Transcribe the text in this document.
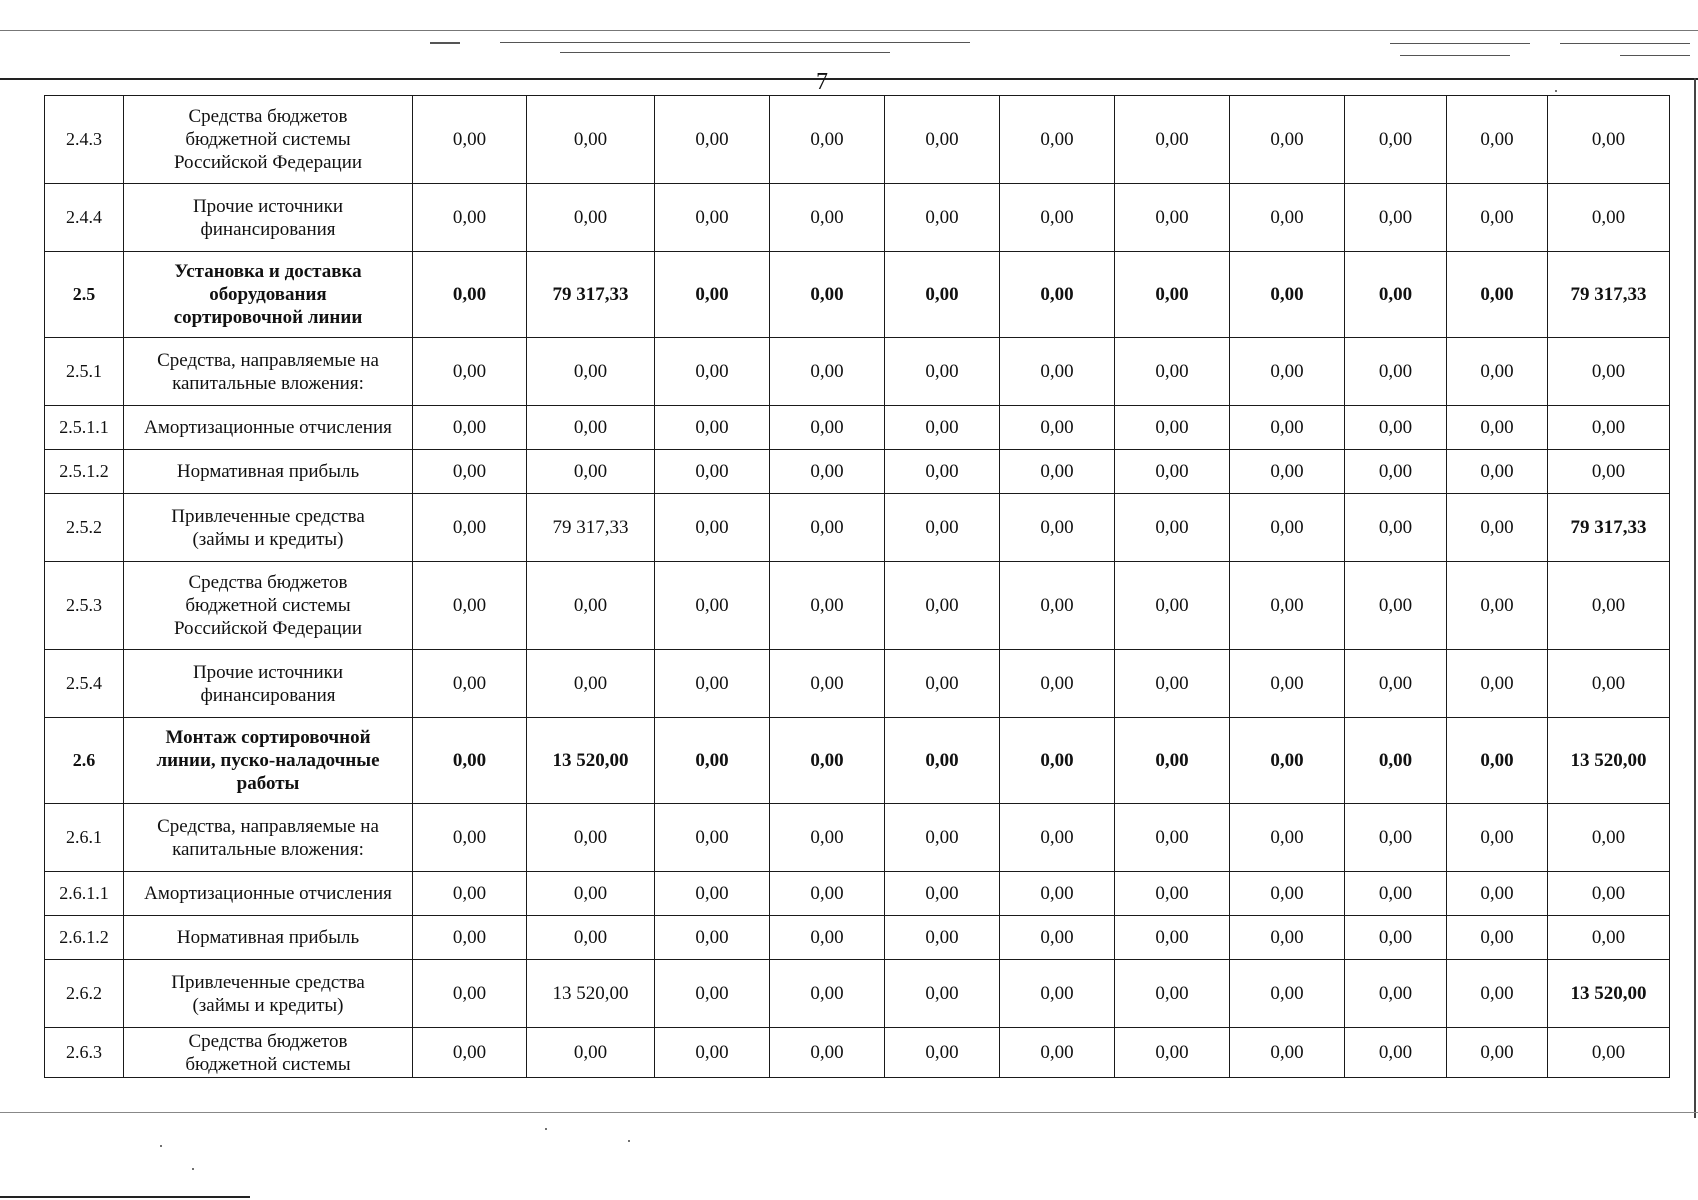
7
2.4.3	Средства бюджетов
бюджетной системы
Российской Федерации	0,00	0,00	0,00	0,00	0,00	0,00	0,00	0,00	0,00	0,00	0,00
2.4.4	Прочие источники
финансирования	0,00	0,00	0,00	0,00	0,00	0,00	0,00	0,00	0,00	0,00	0,00
2.5	Установка и доставка
оборудования
сортировочной линии	0,00	79 317,33	0,00	0,00	0,00	0,00	0,00	0,00	0,00	0,00	79 317,33
2.5.1	Средства, направляемые на
капитальные вложения:	0,00	0,00	0,00	0,00	0,00	0,00	0,00	0,00	0,00	0,00	0,00
2.5.1.1	Амортизационные отчисления	0,00	0,00	0,00	0,00	0,00	0,00	0,00	0,00	0,00	0,00	0,00
2.5.1.2	Нормативная прибыль	0,00	0,00	0,00	0,00	0,00	0,00	0,00	0,00	0,00	0,00	0,00
2.5.2	Привлеченные средства
(займы и кредиты)	0,00	79 317,33	0,00	0,00	0,00	0,00	0,00	0,00	0,00	0,00	79 317,33
2.5.3	Средства бюджетов
бюджетной системы
Российской Федерации	0,00	0,00	0,00	0,00	0,00	0,00	0,00	0,00	0,00	0,00	0,00
2.5.4	Прочие источники
финансирования	0,00	0,00	0,00	0,00	0,00	0,00	0,00	0,00	0,00	0,00	0,00
2.6	Монтаж сортировочной
линии, пуско-наладочные
работы	0,00	13 520,00	0,00	0,00	0,00	0,00	0,00	0,00	0,00	0,00	13 520,00
2.6.1	Средства, направляемые на
капитальные вложения:	0,00	0,00	0,00	0,00	0,00	0,00	0,00	0,00	0,00	0,00	0,00
2.6.1.1	Амортизационные отчисления	0,00	0,00	0,00	0,00	0,00	0,00	0,00	0,00	0,00	0,00	0,00
2.6.1.2	Нормативная прибыль	0,00	0,00	0,00	0,00	0,00	0,00	0,00	0,00	0,00	0,00	0,00
2.6.2	Привлеченные средства
(займы и кредиты)	0,00	13 520,00	0,00	0,00	0,00	0,00	0,00	0,00	0,00	0,00	13 520,00
2.6.3	Средства бюджетов
бюджетной системы	0,00	0,00	0,00	0,00	0,00	0,00	0,00	0,00	0,00	0,00	0,00
